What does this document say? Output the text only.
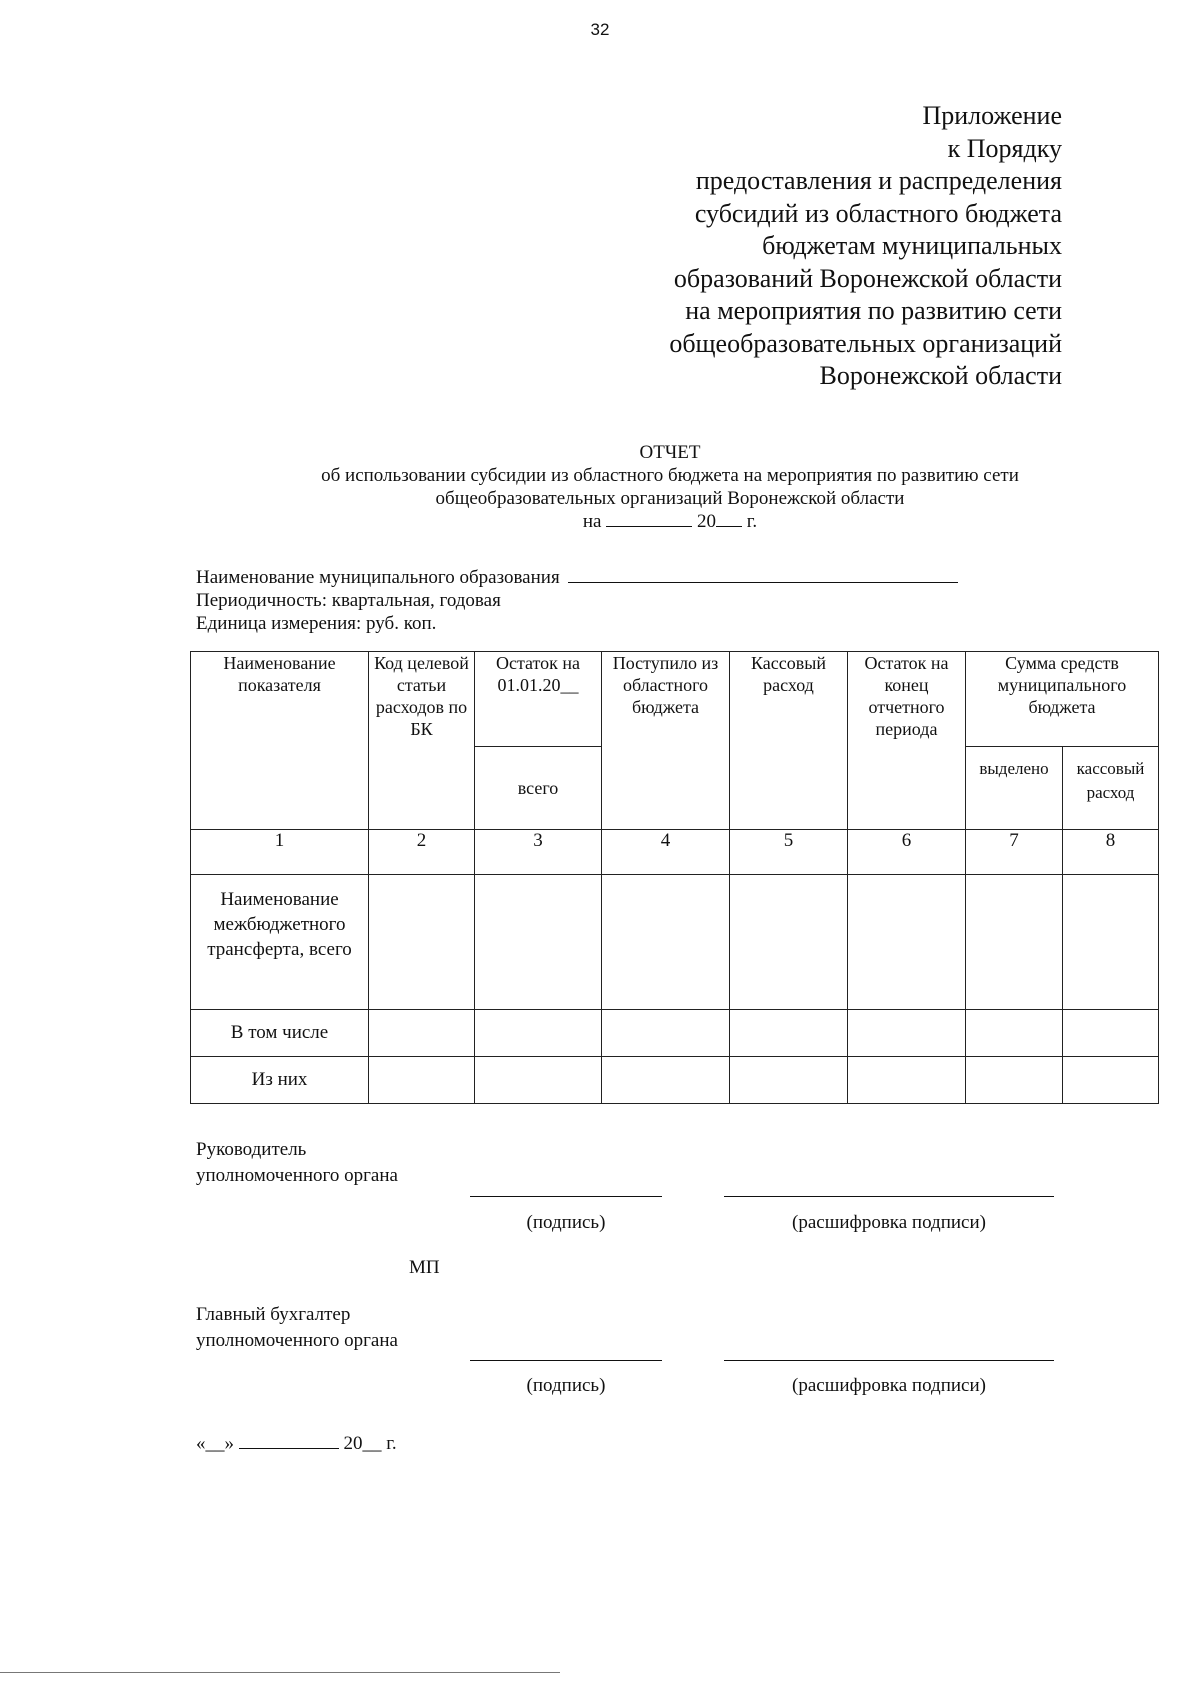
32
Приложение
к Порядку
предоставления и распределения
субсидий из областного бюджета
бюджетам муниципальных
образований Воронежской области
на мероприятия по развитию сети
общеобразовательных организаций
Воронежской области
ОТЧЕТ
об использовании субсидии из областного бюджета на мероприятия по развитию сети
общеобразовательных организаций Воронежской области
на	20 г.
Наименование муниципального образования
Периодичность: квартальная, годовая
Единица измерения: руб. коп.
Наименование показателя	Код целевой статьи расходов по БК	Остаток на 01.01.20__	Поступило из областного бюджета	Кассовый расход	Остаток на конец отчетного периода	Сумма средств муниципального бюджета	
		всего				выделено	кассовый расход
1	2	3	4	5	6	7	8
Наименование межбюджетного трансферта, всего							
В том числе							
Из них							
Руководитель
уполномоченного органа
(подпись)	(расшифровка подписи)
МП
Главный бухгалтер
уполномоченного органа
(подпись)	(расшифровка подписи)
«__»	20__ г.
